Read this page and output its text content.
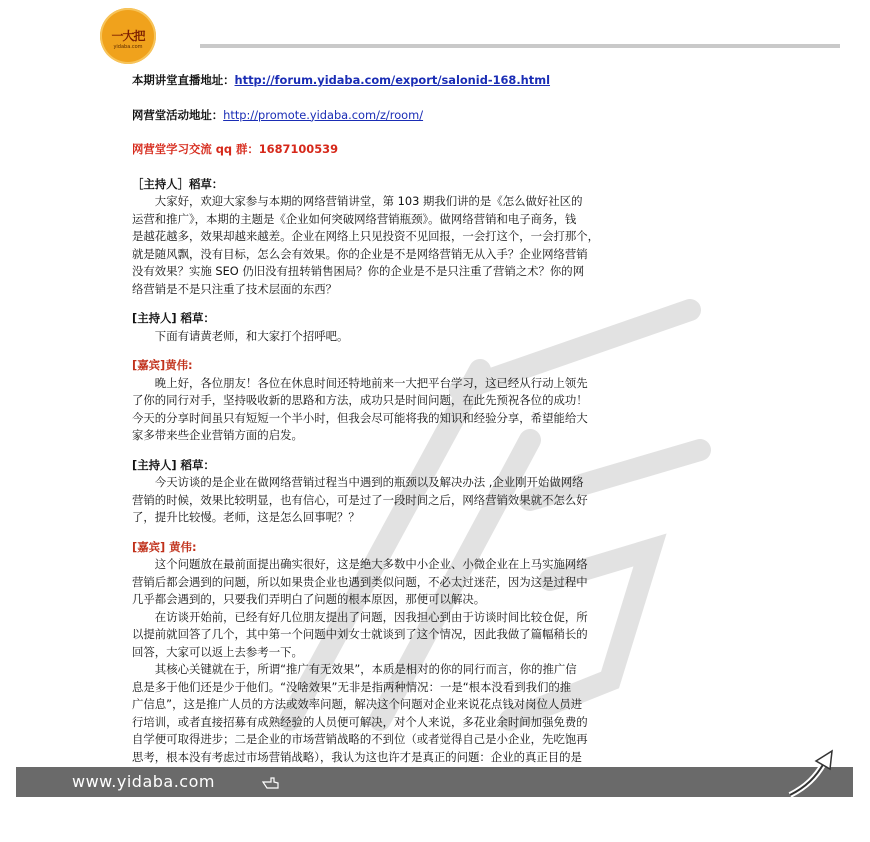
一大把
yidaba.com

本期讲堂直播地址：http://forum.yidaba.com/export/salonid-168.html

网营堂活动地址：http://promote.yidaba.com/z/room/

网营堂学习交流 qq 群：1687100539

［主持人］稻草：

大家好，欢迎大家参与本期的网络营销讲堂，第 103 期我们讲的是《怎么做好社区的

运营和推广》，本期的主题是《企业如何突破网络营销瓶颈》。做网络营销和电子商务，钱

是越花越多，效果却越来越差。企业在网络上只见投资不见回报，一会打这个，一会打那个，

就是随风飘，没有目标，怎么会有效果。你的企业是不是网络营销无从入手？企业网络营销

没有效果？实施 SEO 仍旧没有扭转销售困局？你的企业是不是只注重了营销之术？你的网

络营销是不是只注重了技术层面的东西？

[主持人] 稻草：

下面有请黄老师，和大家打个招呼吧。

[嘉宾]黄伟:

晚上好，各位朋友！各位在休息时间还特地前来一大把平台学习，这已经从行动上领先

了你的同行对手，坚持吸收新的思路和方法，成功只是时间问题，在此先预祝各位的成功！

今天的分享时间虽只有短短一个半小时，但我会尽可能将我的知识和经验分享，希望能给大

家多带来些企业营销方面的启发。

[主持人] 稻草：

今天访谈的是企业在做网络营销过程当中遇到的瓶颈以及解决办法 ,企业刚开始做网络

营销的时候，效果比较明显，也有信心，可是过了一段时间之后，网络营销效果就不怎么好

了，提升比较慢。老师，这是怎么回事呢？？

[嘉宾] 黄伟:

这个问题放在最前面提出确实很好，这是绝大多数中小企业、小微企业在上马实施网络

营销后都会遇到的问题，所以如果贵企业也遇到类似问题，不必太过迷茫，因为这是过程中

几乎都会遇到的，只要我们弄明白了问题的根本原因，那便可以解决。

在访谈开始前，已经有好几位朋友提出了问题，因我担心到由于访谈时间比较仓促，所

以提前就回答了几个，其中第一个问题中刘女士就谈到了这个情况，因此我做了篇幅稍长的

回答，大家可以返上去参考一下。

其核心关键就在于，所谓“推广有无效果”，本质是相对的你的同行而言，你的推广信

息是多于他们还是少于他们。“没啥效果”无非是指两种情况：一是“根本没看到我们的推

广信息”，这是推广人员的方法或效率问题，解决这个问题对企业来说花点钱对岗位人员进

行培训，或者直接招募有成熟经验的人员便可解决，对个人来说，多花业余时间加强免费的

自学便可取得进步；二是企业的市场营销战略的不到位（或者觉得自己是小企业，先吃饱再

思考，根本没有考虑过市场营销战略），我认为这也许才是真正的问题：企业的真正目的是

www.yidaba.com
